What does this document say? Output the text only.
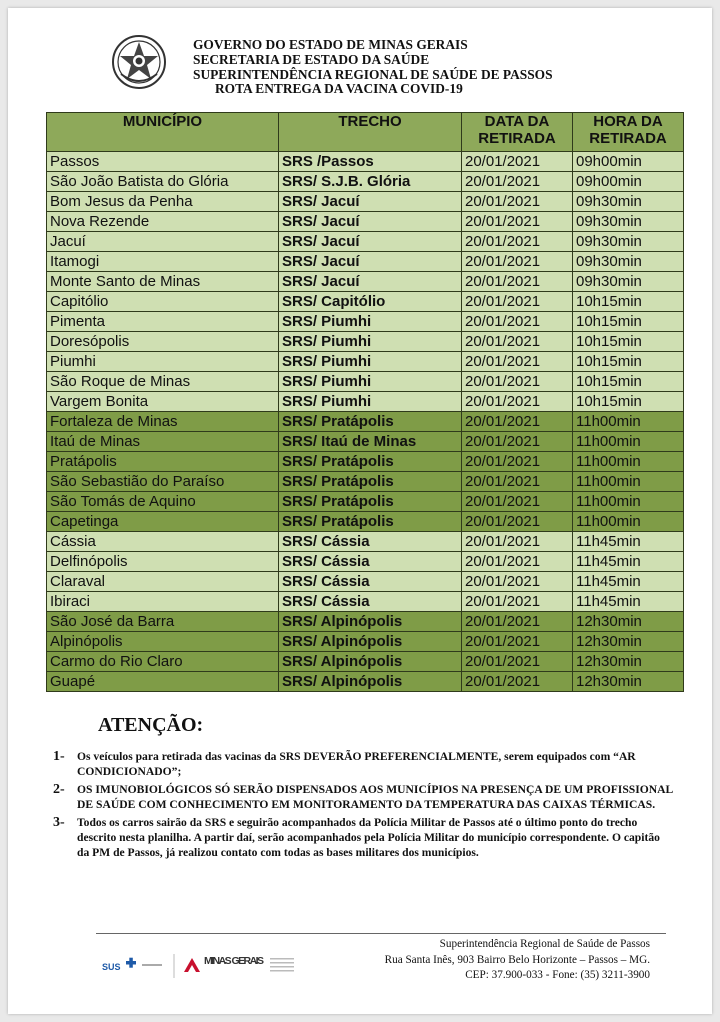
GOVERNO DO ESTADO DE MINAS GERAIS
SECRETARIA DE ESTADO DA SAÚDE
SUPERINTENDÊNCIA REGIONAL DE SAÚDE DE PASSOS
ROTA ENTREGA DA VACINA COVID-19
MUNICÍPIO	TRECHO	DATA DA RETIRADA	HORA DA RETIRADA
Passos	SRS /Passos	20/01/2021	09h00min
São João Batista do Glória	SRS/ S.J.B. Glória	20/01/2021	09h00min
Bom Jesus da Penha	SRS/ Jacuí	20/01/2021	09h30min
Nova Rezende	SRS/ Jacuí	20/01/2021	09h30min
Jacuí	SRS/ Jacuí	20/01/2021	09h30min
Itamogi	SRS/ Jacuí	20/01/2021	09h30min
Monte Santo de Minas	SRS/ Jacuí	20/01/2021	09h30min
Capitólio	SRS/ Capitólio	20/01/2021	10h15min
Pimenta	SRS/ Piumhi	20/01/2021	10h15min
Doresópolis	SRS/ Piumhi	20/01/2021	10h15min
Piumhi	SRS/ Piumhi	20/01/2021	10h15min
São Roque de Minas	SRS/ Piumhi	20/01/2021	10h15min
Vargem Bonita	SRS/ Piumhi	20/01/2021	10h15min
Fortaleza de Minas	SRS/ Pratápolis	20/01/2021	11h00min
Itaú de Minas	SRS/ Itaú de Minas	20/01/2021	11h00min
Pratápolis	SRS/ Pratápolis	20/01/2021	11h00min
São Sebastião do Paraíso	SRS/ Pratápolis	20/01/2021	11h00min
São Tomás de Aquino	SRS/ Pratápolis	20/01/2021	11h00min
Capetinga	SRS/ Pratápolis	20/01/2021	11h00min
Cássia	SRS/ Cássia	20/01/2021	11h45min
Delfinópolis	SRS/ Cássia	20/01/2021	11h45min
Claraval	SRS/ Cássia	20/01/2021	11h45min
Ibiraci	SRS/ Cássia	20/01/2021	11h45min
São José da Barra	SRS/ Alpinópolis	20/01/2021	12h30min
Alpinópolis	SRS/ Alpinópolis	20/01/2021	12h30min
Carmo do Rio Claro	SRS/ Alpinópolis	20/01/2021	12h30min
Guapé	SRS/ Alpinópolis	20/01/2021	12h30min
ATENÇÃO:
1-	Os veículos para retirada das vacinas da SRS DEVERÃO PREFERENCIALMENTE, serem equipados com “AR CONDICIONADO”;
2-	OS IMUNOBIOLÓGICOS SÓ SERÃO DISPENSADOS AOS MUNICÍPIOS NA PRESENÇA DE UM PROFISSIONAL DE SAÚDE COM CONHECIMENTO EM MONITORAMENTO DA TEMPERATURA DAS CAIXAS TÉRMICAS.
3-	Todos os carros sairão da SRS e seguirão acompanhados da Polícia Militar de Passos até o último ponto do trecho descrito nesta planilha. A partir daí, serão acompanhados pela Polícia Militar do município correspondente. O capitão da PM de Passos, já realizou contato com todas as bases militares dos municípios.
SUS	MINAS GERAIS
Superintendência Regional de Saúde de Passos
Rua Santa Inês, 903 Bairro Belo Horizonte – Passos – MG.
CEP: 37.900-033 - Fone: (35) 3211-3900
